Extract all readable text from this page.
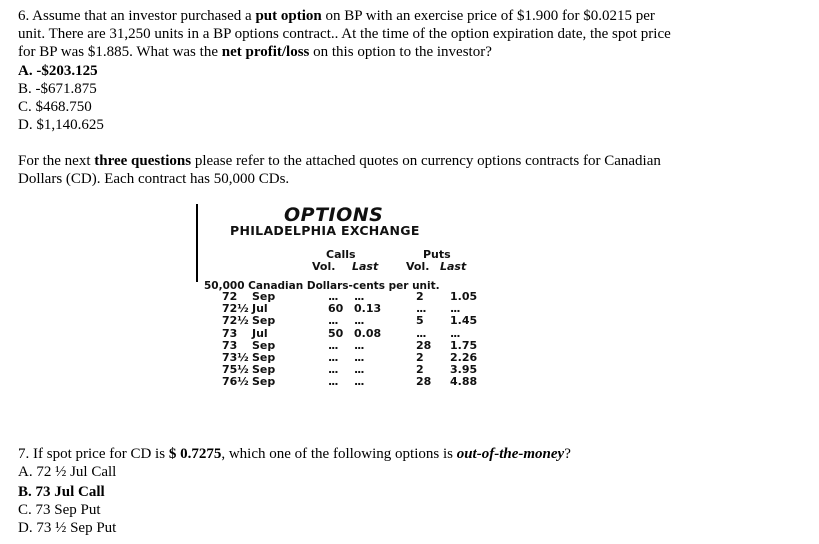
6. Assume that an investor purchased a put option on BP with an exercise price of $1.900 for $0.0215 per
unit. There are 31,250 units in a BP options contract.. At the time of the option expiration date, the spot price
for BP was $1.885. What was the net profit/loss on this option to the investor?
A. -$203.125
B. -$671.875
C. $468.750
D. $1,140.625
For the next three questions please refer to the attached quotes on currency options contracts for Canadian
Dollars (CD). Each contract has 50,000 CDs.
OPTIONS
PHILADELPHIA EXCHANGE
Calls	Puts
Vol. Last	Vol. Last
50,000 Canadian Dollars-cents per unit.
72 Sep	... ...	2 1.05
72½ Jul	60 0.13	... ...
72½ Sep	... ...	5 1.45
73 Jul	50 0.08	... ...
73 Sep	... ...	28 1.75
73½ Sep	... ...	2 2.26
75½ Sep	... ...	2 3.95
76½ Sep	... ...	28 4.88
7. If spot price for CD is $ 0.7275, which one of the following options is out-of-the-money?
A. 72 ½ Jul Call
B. 73 Jul Call
C. 73 Sep Put
D. 73 ½ Sep Put
